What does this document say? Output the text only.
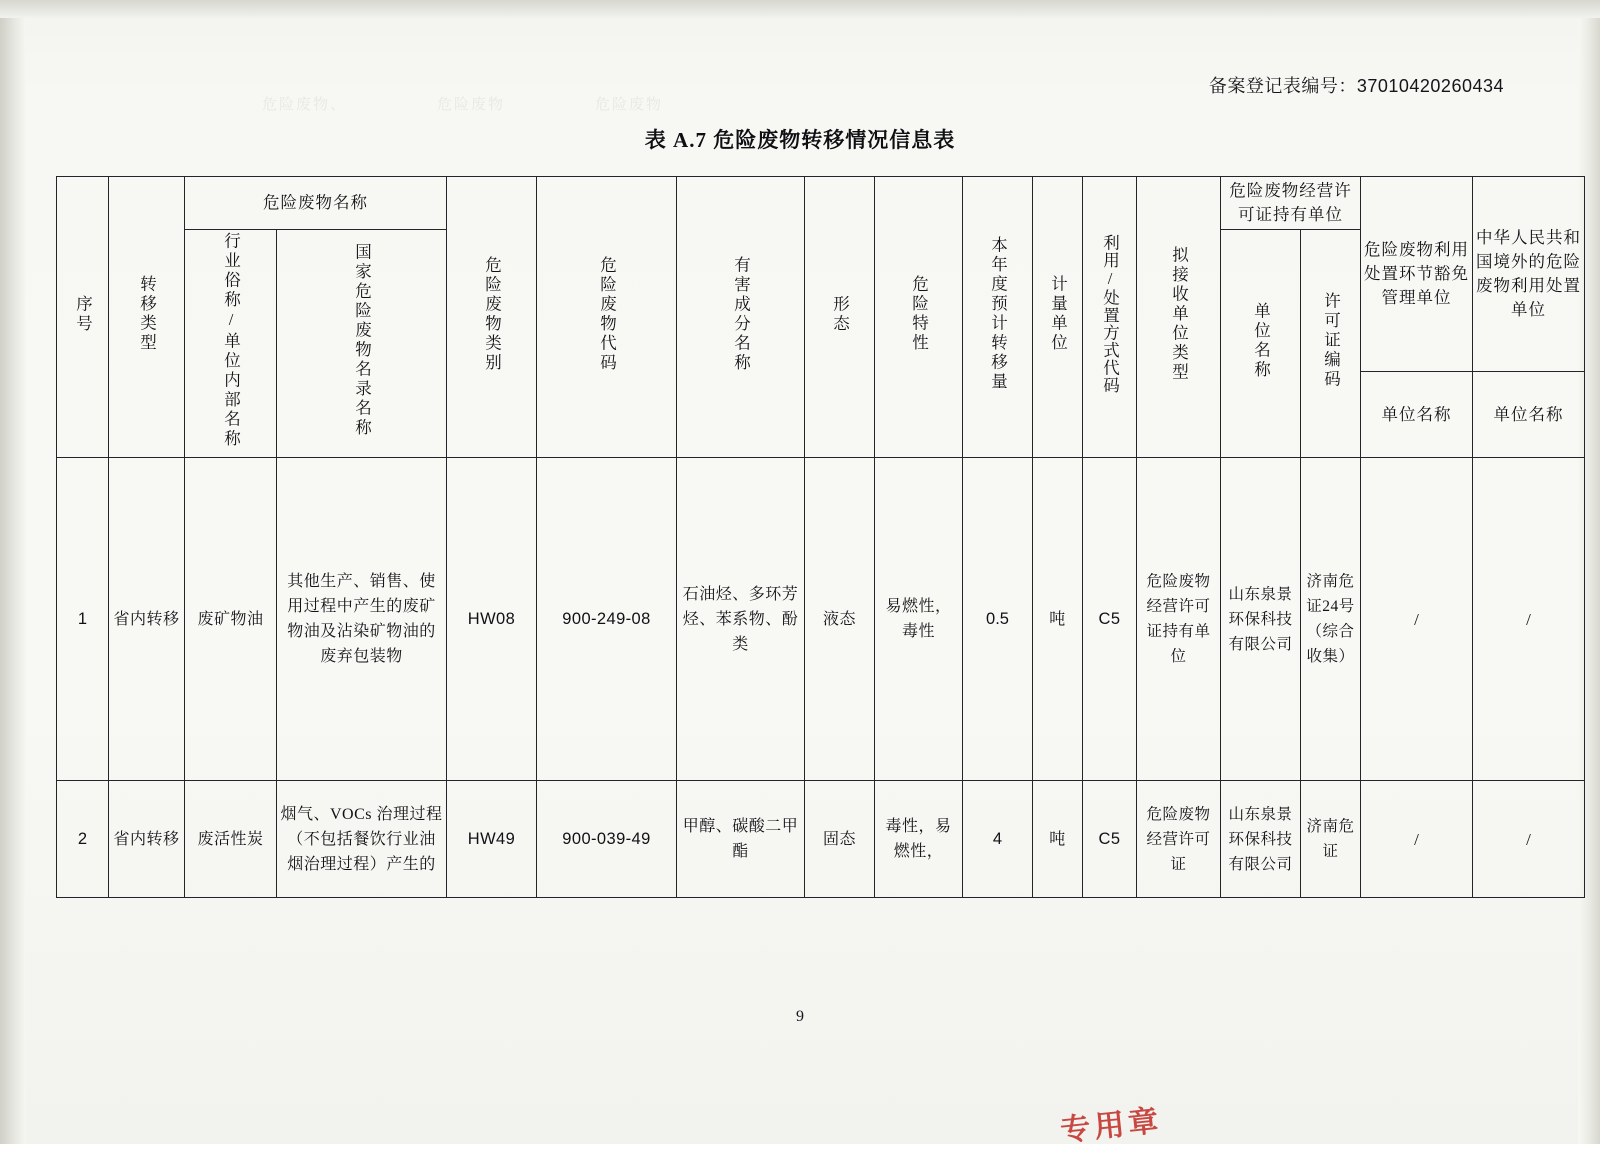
危险废物、	危险废物	危险废物
备案登记表编号：37010420260434
表 A.7 危险废物转移情况信息表
序号	转移类型	危险废物名称		危险废物类别	危险废物代码	有害成分名称	形态	危险特性	本年度预计转移量	计量单位	利用/处置方式代码	拟接收单位类型	危险废物经营许可证持有单位		危险废物利用处置环节豁免管理单位	中华人民共和国境外的危险废物利用处置单位

		行业俗称/单位内部名称	国家危险废物名录名称										单位名称	许可证编码		

															单位名称	单位名称

1	省内转移	废矿物油	其他生产、销售、使用过程中产生的废矿物油及沾染矿物油的废弃包装物	HW08	900-249-08	石油烃、多环芳烃、苯系物、酚类	液态	易燃性，毒性	0.5	吨	C5	危险废物经营许可证持有单位	山东泉景环保科技有限公司	济南危证24号（综合收集）	/	/
2	省内转移	废活性炭	烟气、VOCs 治理过程（不包括餐饮行业油烟治理过程）产生的	HW49	900-039-49	甲醇、碳酸二甲酯	固态	毒性，易燃性，	4	吨	C5	危险废物经营许可证	山东泉景环保科技有限公司	济南危证	/	/
9
专用章
